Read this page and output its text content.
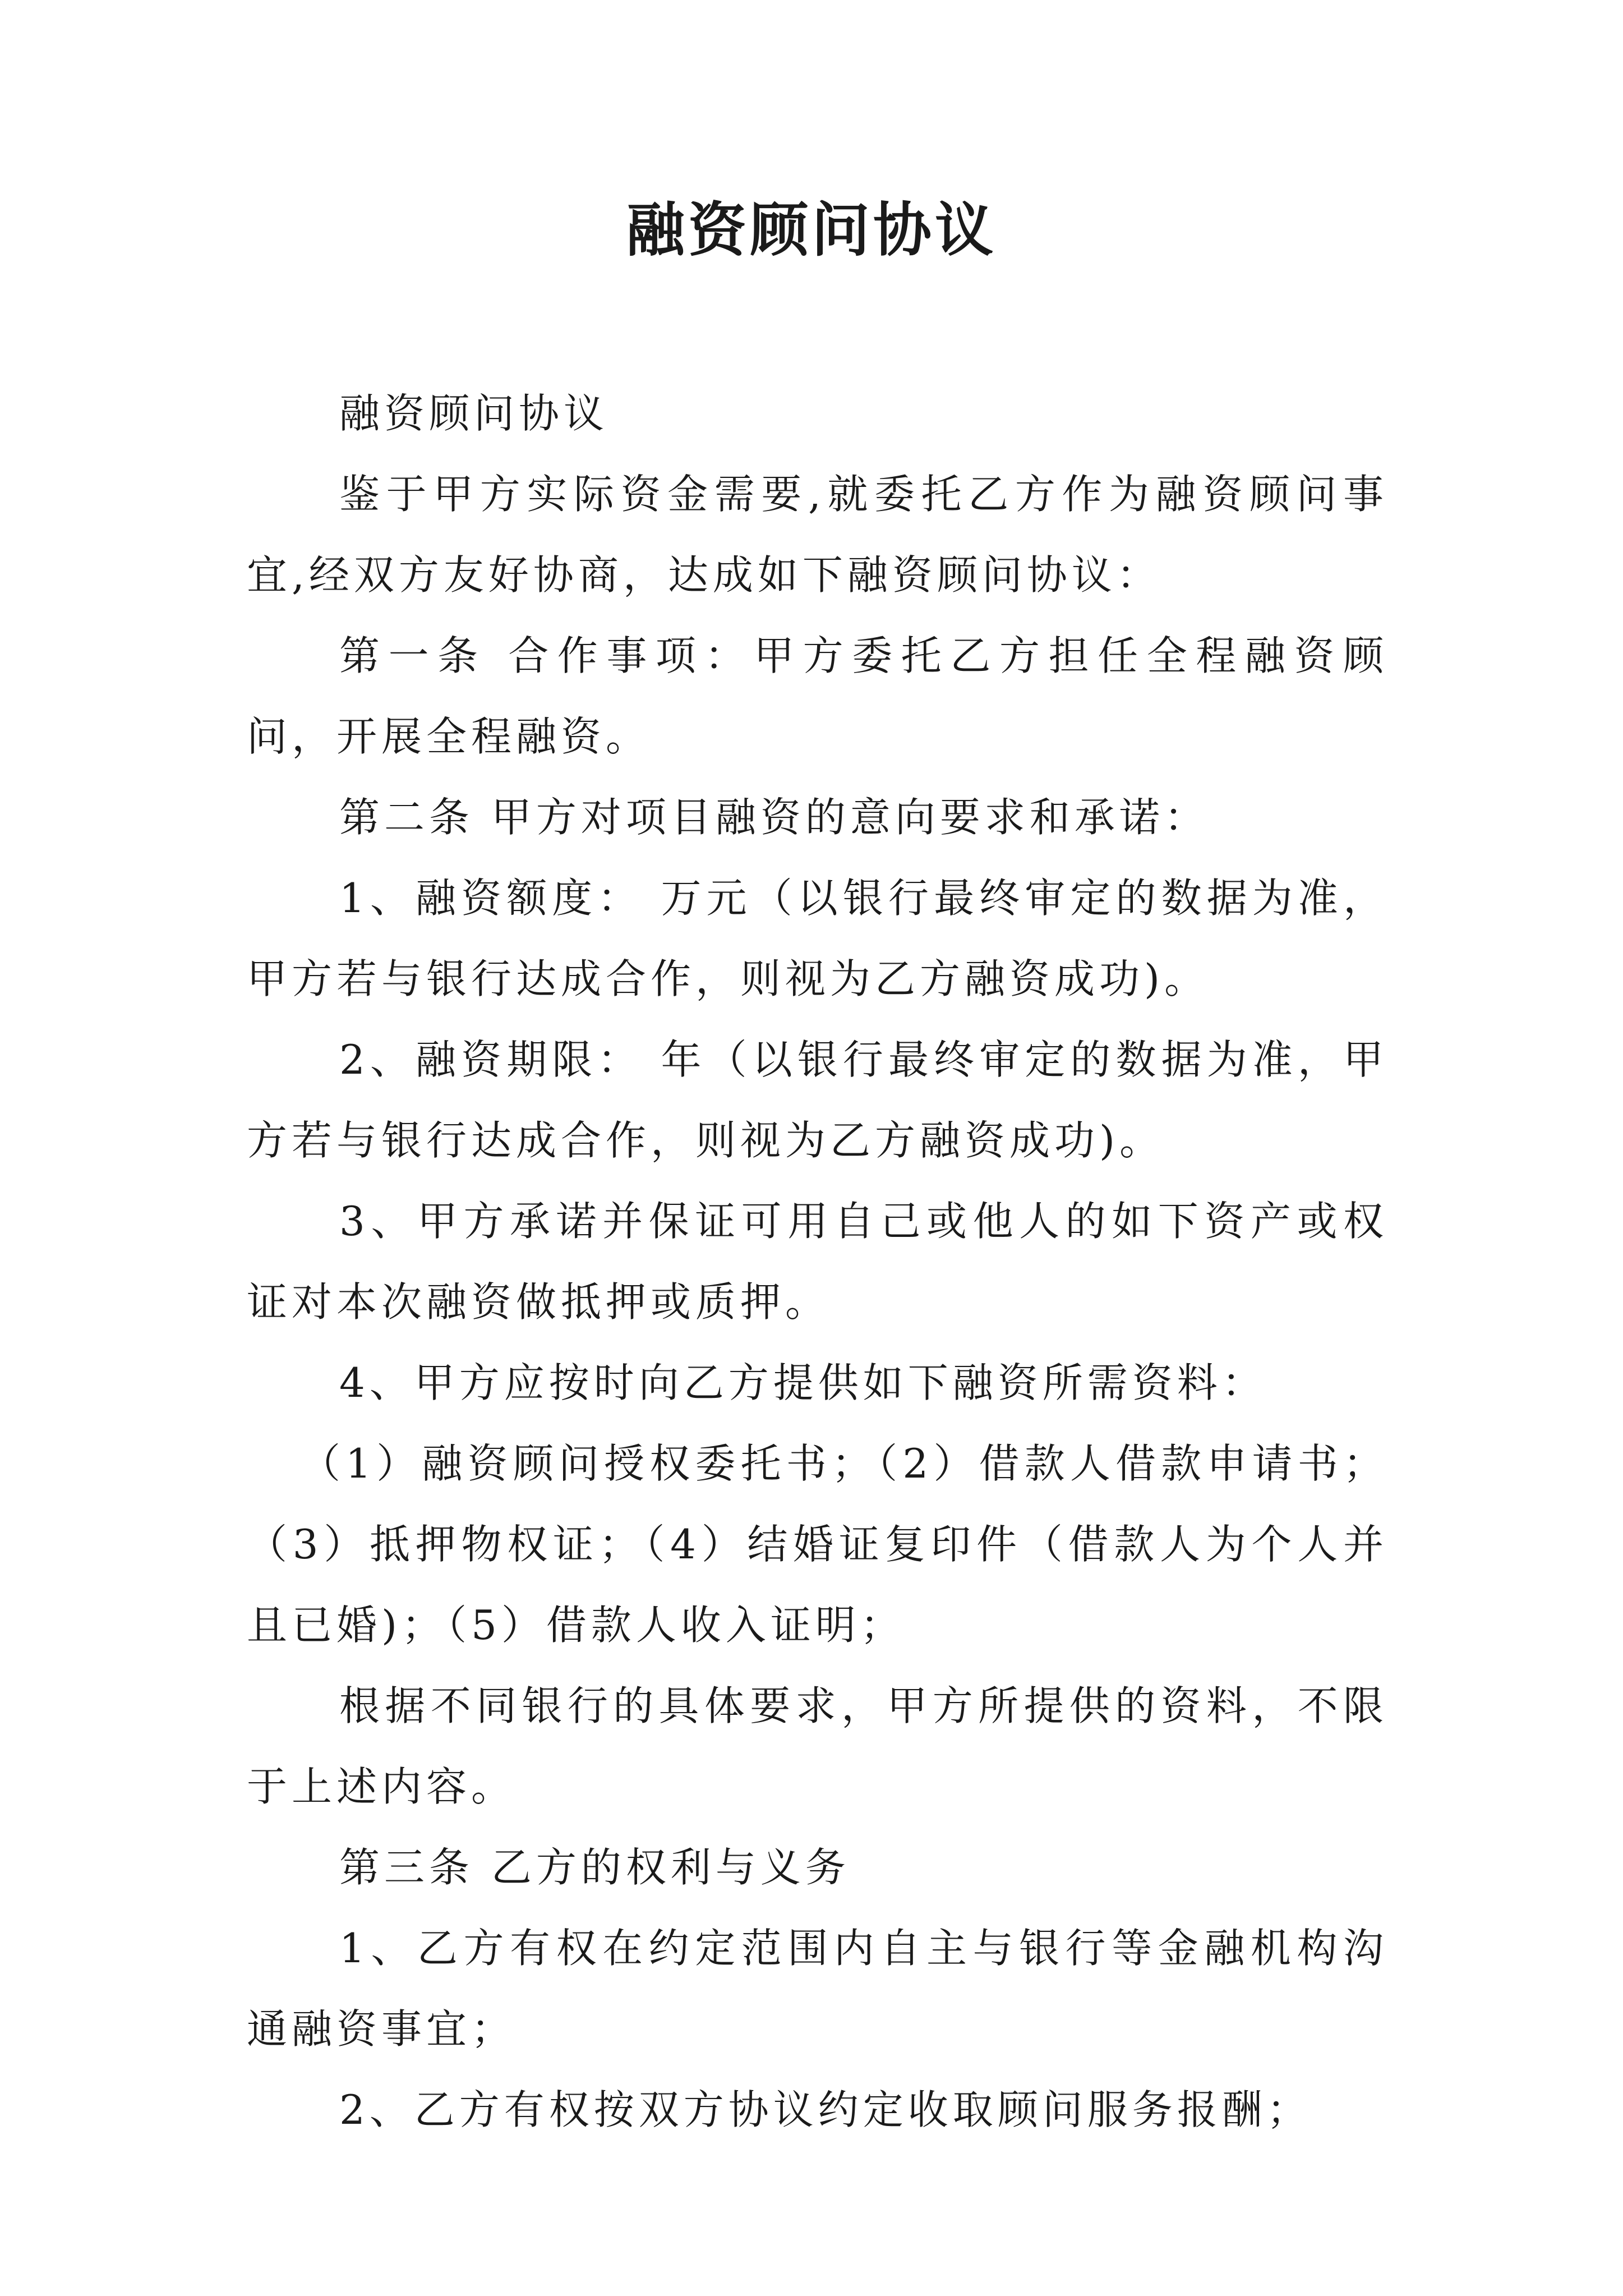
融资顾问协议

融资顾问协议

鉴于甲方实际资金需要,就委托乙方作为融资顾问事宜,经双方友好协商，达成如下融资顾问协议：

第一条 合作事项：甲方委托乙方担任全程融资顾问，开展全程融资。

第二条 甲方对项目融资的意向要求和承诺：

1、融资额度： 万元（以银行最终审定的数据为准，甲方若与银行达成合作，则视为乙方融资成功)。

2、融资期限： 年（以银行最终审定的数据为准，甲方若与银行达成合作，则视为乙方融资成功)。

3、甲方承诺并保证可用自己或他人的如下资产或权证对本次融资做抵押或质押。

4、甲方应按时向乙方提供如下融资所需资料：

（1）融资顾问授权委托书；（2）借款人借款申请书；（3）抵押物权证；（4）结婚证复印件（借款人为个人并且已婚)；（5）借款人收入证明；

根据不同银行的具体要求，甲方所提供的资料，不限于上述内容。

第三条 乙方的权利与义务

1、乙方有权在约定范围内自主与银行等金融机构沟通融资事宜；

2、乙方有权按双方协议约定收取顾问服务报酬；
